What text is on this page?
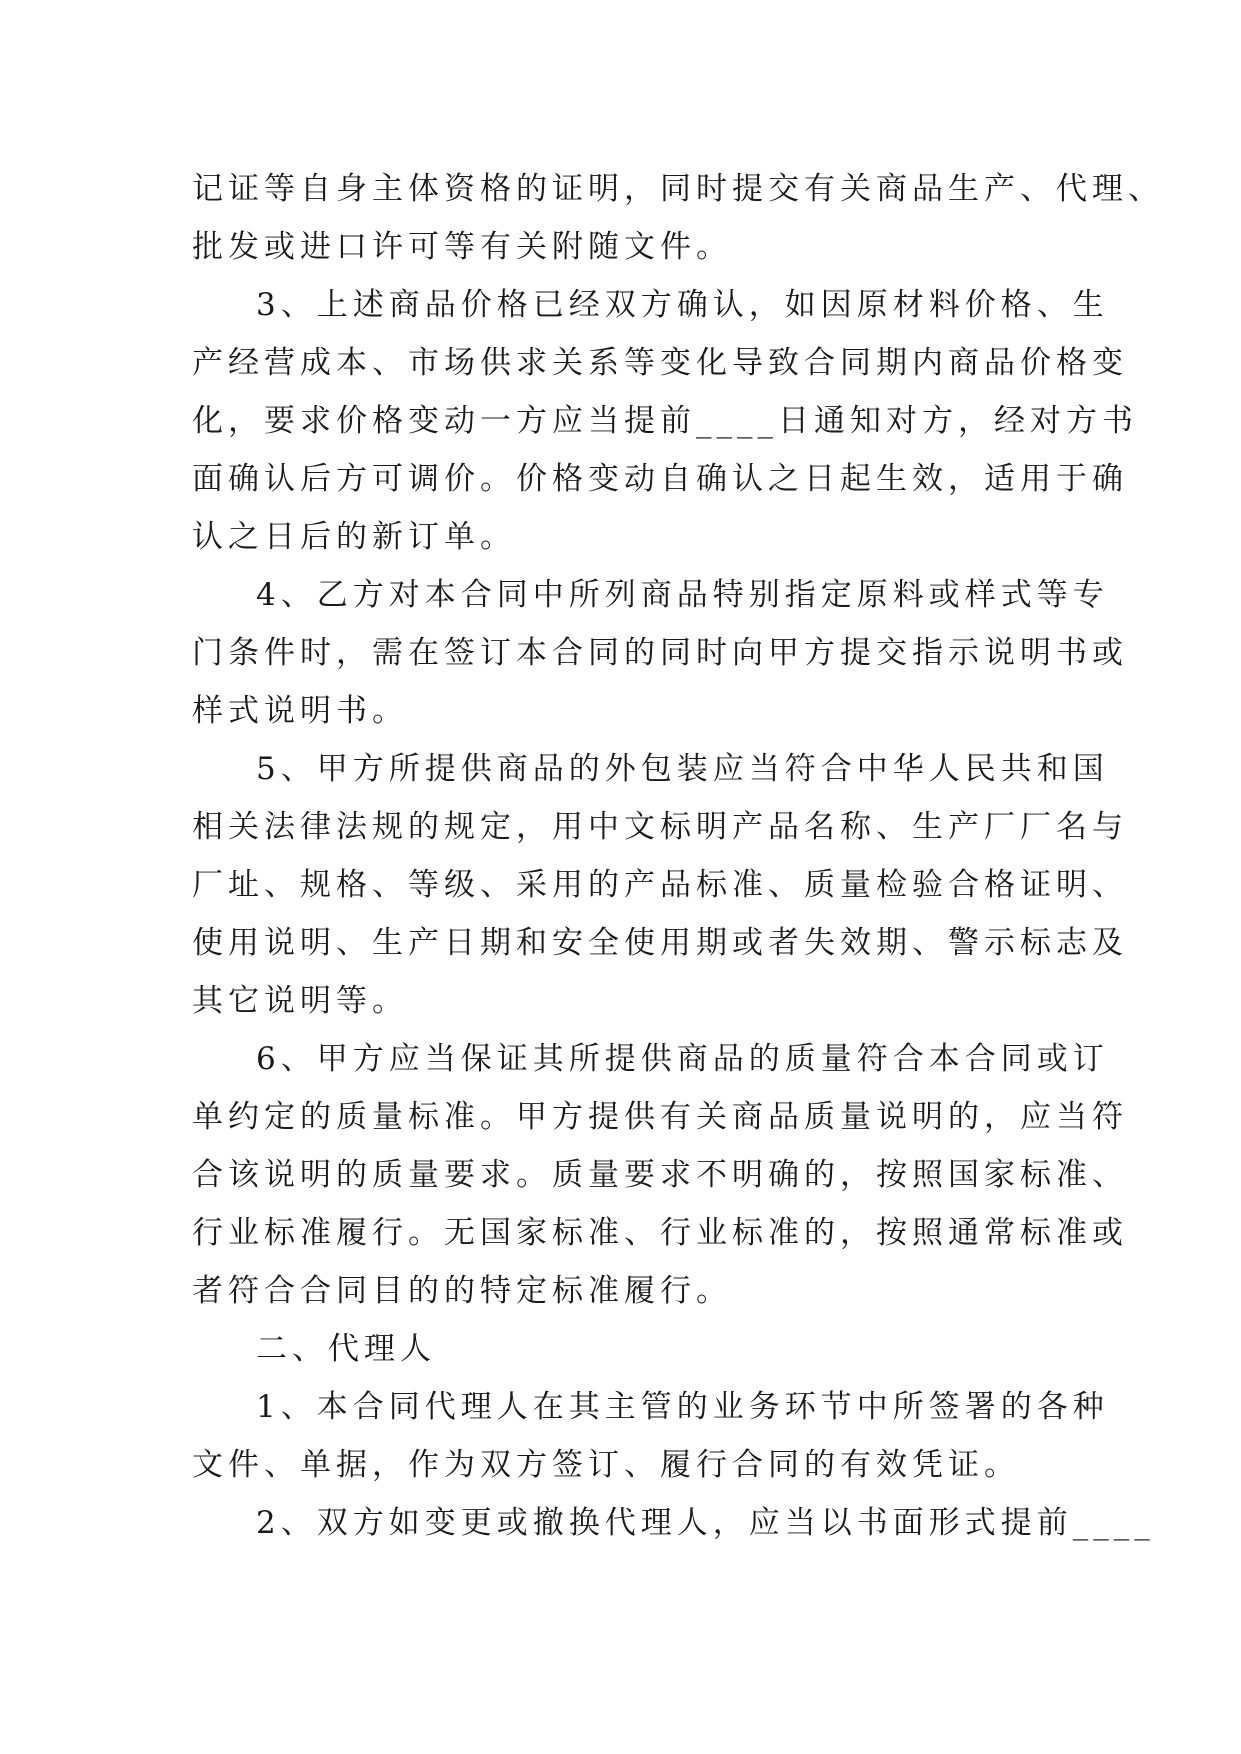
记证等自身主体资格的证明，同时提交有关商品生产、代理、
批发或进口许可等有关附随文件。

3、上述商品价格已经双方确认，如因原材料价格、生
产经营成本、市场供求关系等变化导致合同期内商品价格变
化，要求价格变动一方应当提前____日通知对方，经对方书
面确认后方可调价。价格变动自确认之日起生效，适用于确
认之日后的新订单。

4、乙方对本合同中所列商品特别指定原料或样式等专
门条件时，需在签订本合同的同时向甲方提交指示说明书或
样式说明书。

5、甲方所提供商品的外包装应当符合中华人民共和国
相关法律法规的规定，用中文标明产品名称、生产厂厂名与
厂址、规格、等级、采用的产品标准、质量检验合格证明、
使用说明、生产日期和安全使用期或者失效期、警示标志及
其它说明等。

6、甲方应当保证其所提供商品的质量符合本合同或订
单约定的质量标准。甲方提供有关商品质量说明的，应当符
合该说明的质量要求。质量要求不明确的，按照国家标准、
行业标准履行。无国家标准、行业标准的，按照通常标准或
者符合合同目的的特定标准履行。

二、代理人

1、本合同代理人在其主管的业务环节中所签署的各种
文件、单据，作为双方签订、履行合同的有效凭证。

2、双方如变更或撤换代理人，应当以书面形式提前____
